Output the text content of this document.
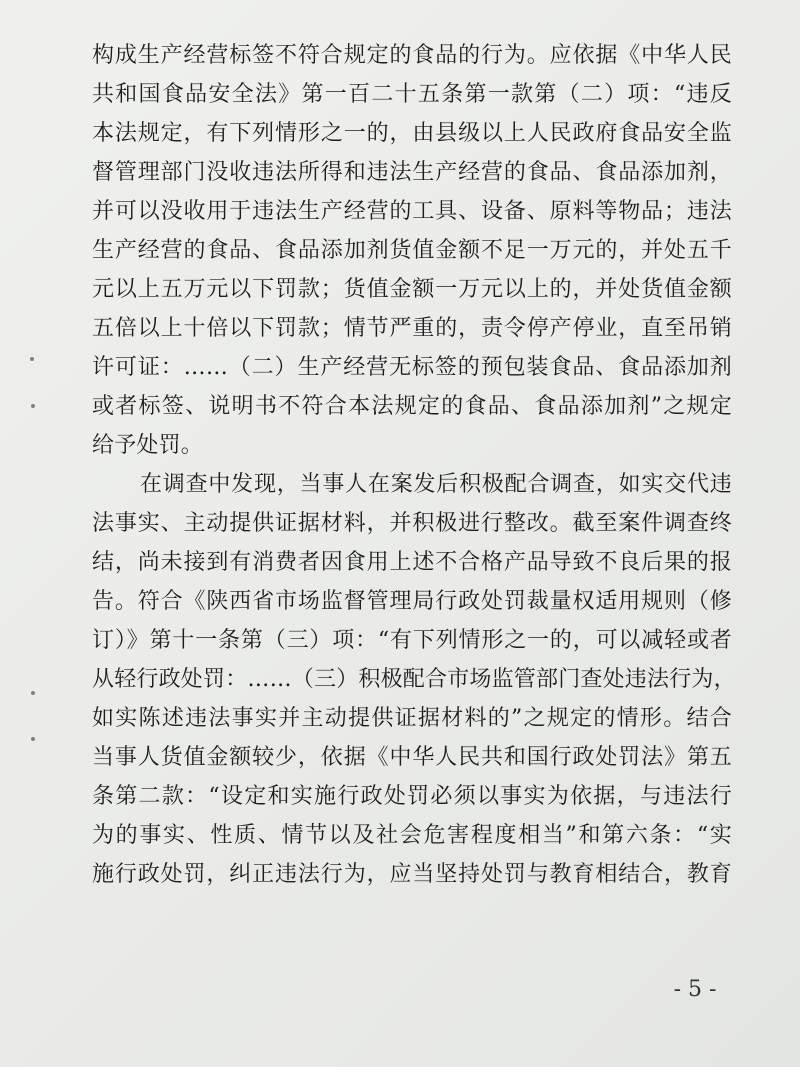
构成生产经营标签不符合规定的食品的行为。应依据《中华人民
共和国食品安全法》第一百二十五条第一款第（二）项：“违反
本法规定，有下列情形之一的，由县级以上人民政府食品安全监
督管理部门没收违法所得和违法生产经营的食品、食品添加剂，
并可以没收用于违法生产经营的工具、设备、原料等物品；违法
生产经营的食品、食品添加剂货值金额不足一万元的，并处五千
元以上五万元以下罚款；货值金额一万元以上的，并处货值金额
五倍以上十倍以下罚款；情节严重的，责令停产停业，直至吊销
许可证：……（二）生产经营无标签的预包装食品、食品添加剂
或者标签、说明书不符合本法规定的食品、食品添加剂”之规定
给予处罚。
在调查中发现，当事人在案发后积极配合调查，如实交代违
法事实、主动提供证据材料，并积极进行整改。截至案件调查终
结，尚未接到有消费者因食用上述不合格产品导致不良后果的报
告。符合《陕西省市场监督管理局行政处罚裁量权适用规则（修
订）》第十一条第（三）项：“有下列情形之一的，可以减轻或者
从轻行政处罚：……（三）积极配合市场监管部门查处违法行为，
如实陈述违法事实并主动提供证据材料的”之规定的情形。结合
当事人货值金额较少，依据《中华人民共和国行政处罚法》第五
条第二款：“设定和实施行政处罚必须以事实为依据，与违法行
为的事实、性质、情节以及社会危害程度相当”和第六条：“实
施行政处罚，纠正违法行为，应当坚持处罚与教育相结合，教育
- 5 -
